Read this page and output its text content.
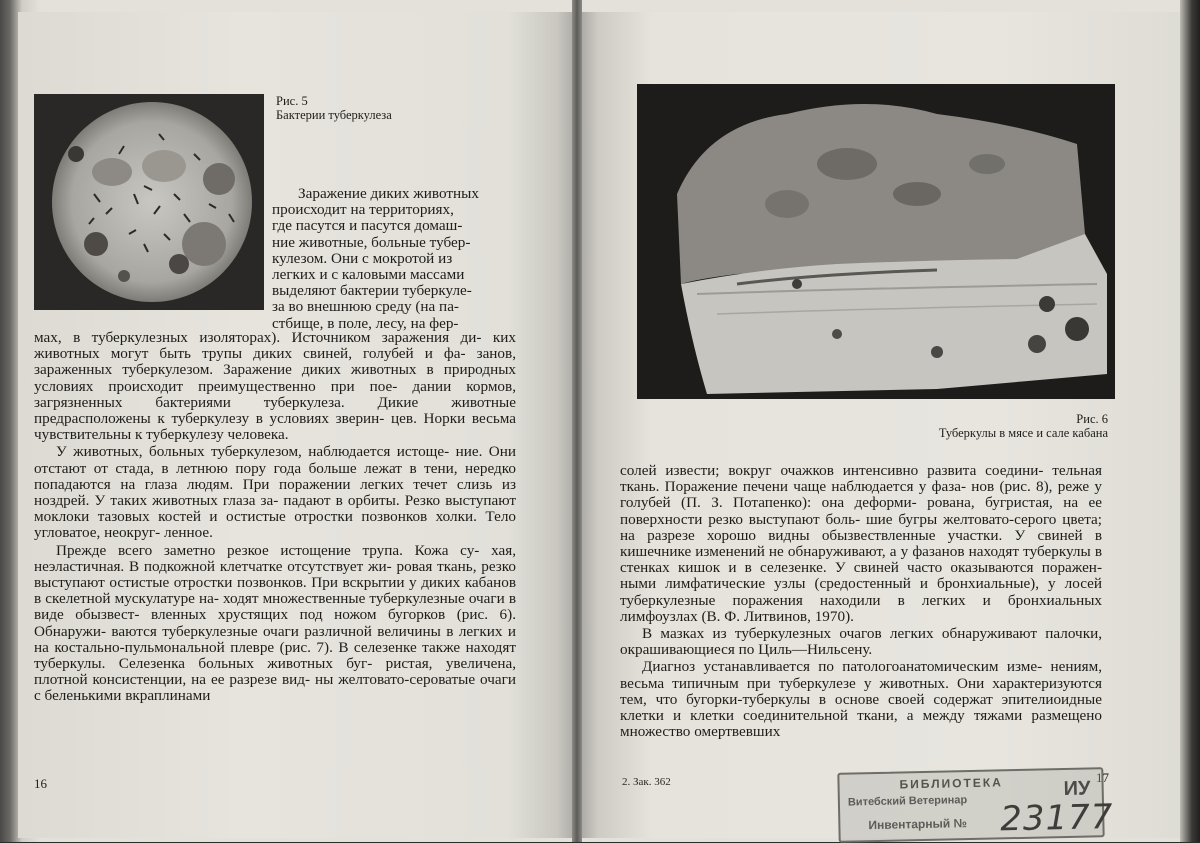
Рис. 5
Бактерии туберкулеза
Заражение диких животных
происходит на территориях,
где пасутся и пасутся домаш-
ние животные, больные тубер-
кулезом. Они с мокротой из
легких и с каловыми массами
выделяют бактерии туберкуле-
за во внешнюю среду (на па-
стбище, в поле, лесу, на фер-

мах, в туберкулезных изоляторах). Источником заражения ди- ких животных могут быть трупы диких свиней, голубей и фа- занов, зараженных туберкулезом. Заражение диких животных в природных условиях происходит преимущественно при пое- дании кормов, загрязненных бактериями туберкулеза. Дикие животные предрасположены к туберкулезу в условиях зверин- цев. Норки весьма чувствительны к туберкулезу человека.

У животных, больных туберкулезом, наблюдается истоще- ние. Они отстают от стада, в летнюю пору года больше лежат в тени, нередко попадаются на глаза людям. При поражении легких течет слизь из ноздрей. У таких животных глаза за- падают в орбиты. Резко выступают моклоки тазовых костей и остистые отростки позвонков холки. Тело угловатое, неокруг- ленное.

Прежде всего заметно резкое истощение трупа. Кожа су- хая, неэластичная. В подкожной клетчатке отсутствует жи- ровая ткань, резко выступают остистые отростки позвонков. При вскрытии у диких кабанов в скелетной мускулатуре на- ходят множественные туберкулезные очаги в виде обызвест- вленных хрустящих под ножом бугорков (рис. 6). Обнаружи- ваются туберкулезные очаги различной величины в легких и на костально-пульмональной плевре (рис. 7). В селезенке также находят туберкулы. Селезенка больных животных буг- ристая, увеличена, плотной консистенции, на ее разрезе вид- ны желтовато-сероватые очаги с беленькими вкраплинами

16
Рис. 6
Туберкулы в мясе и сале кабана

солей извести; вокруг очажков интенсивно развита соедини- тельная ткань. Поражение печени чаще наблюдается у фаза- нов (рис. 8), реже у голубей (П. З. Потапенко): она деформи- рована, бугристая, на ее поверхности резко выступают боль- шие бугры желтовато-серого цвета; на разрезе хорошо видны обызвествленные участки. У свиней в кишечнике изменений не обнаруживают, а у фазанов находят туберкулы в стенках кишок и в селезенке. У свиней часто оказываются поражен- ными лимфатические узлы (средостенный и бронхиальные), у лосей туберкулезные поражения находили в легких и бронхиальных лимфоузлах (В. Ф. Литвинов, 1970).

В мазках из туберкулезных очагов легких обнаруживают палочки, окрашивающиеся по Циль—Нильсену.

Диагноз устанавливается по патологоанатомическим изме- нениям, весьма типичным при туберкулезе у животных. Они характеризуются тем, что бугорки-туберкулы в основе своей содержат эпителиоидные клетки и клетки соединительной ткани, а между тяжами размещено множество омертвевших

2. Зак. 362	17
БИБЛИОТЕКА
Витебский Ветеринар
Инвентарный № 23177
ИУ
